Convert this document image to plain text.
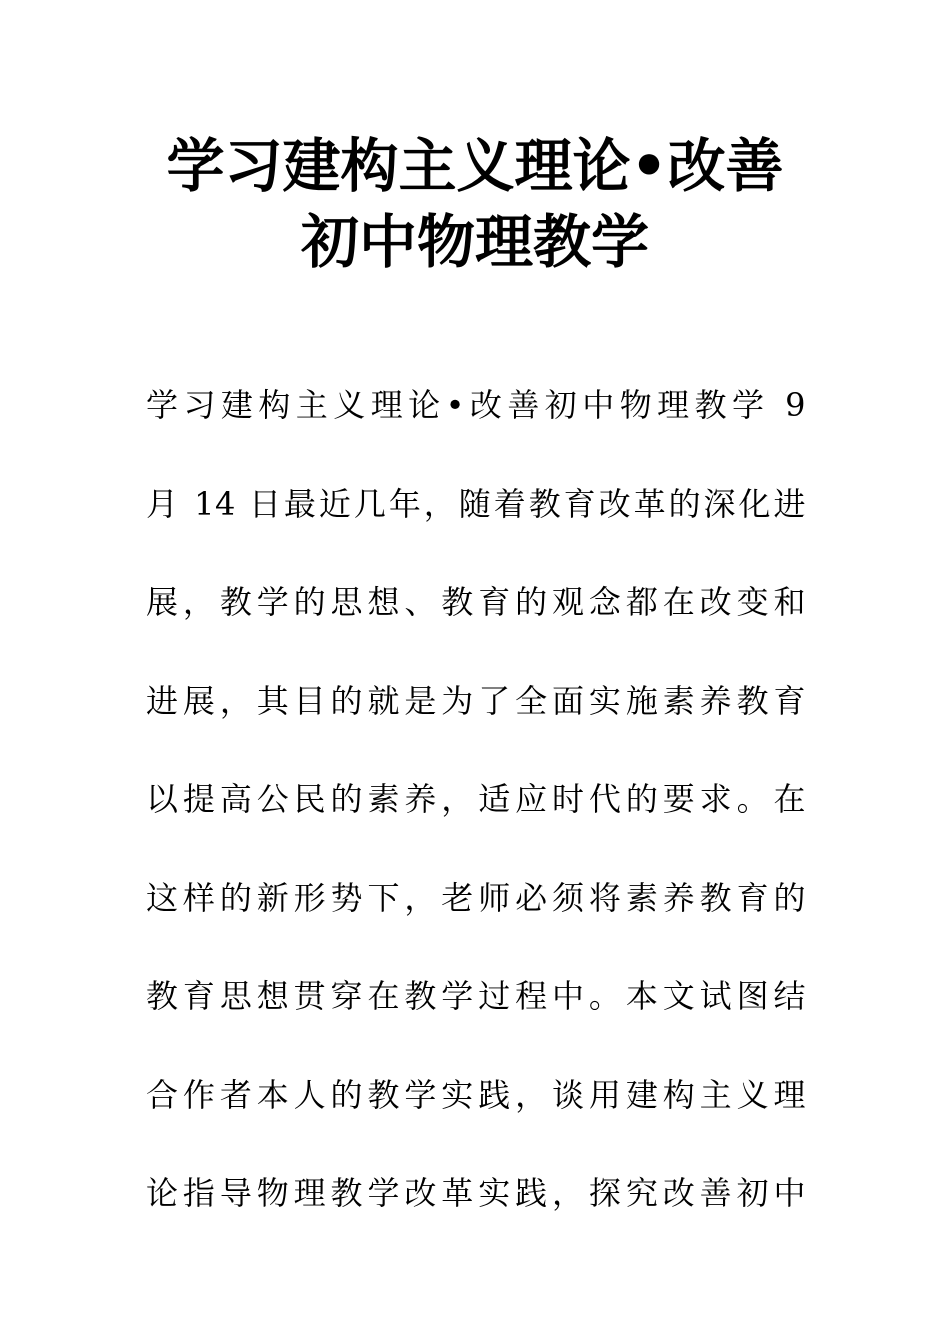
学习建构主义理论•改善
初中物理教学
学习建构主义理论•改善初中物理教学 9
月 14 日最近几年，随着教育改革的深化进
展，教学的思想、教育的观念都在改变和
进展，其目的就是为了全面实施素养教育
以提高公民的素养，适应时代的要求。在
这样的新形势下，老师必须将素养教育的
教育思想贯穿在教学过程中。本文试图结
合作者本人的教学实践，谈用建构主义理
论指导物理教学改革实践，探究改善初中
